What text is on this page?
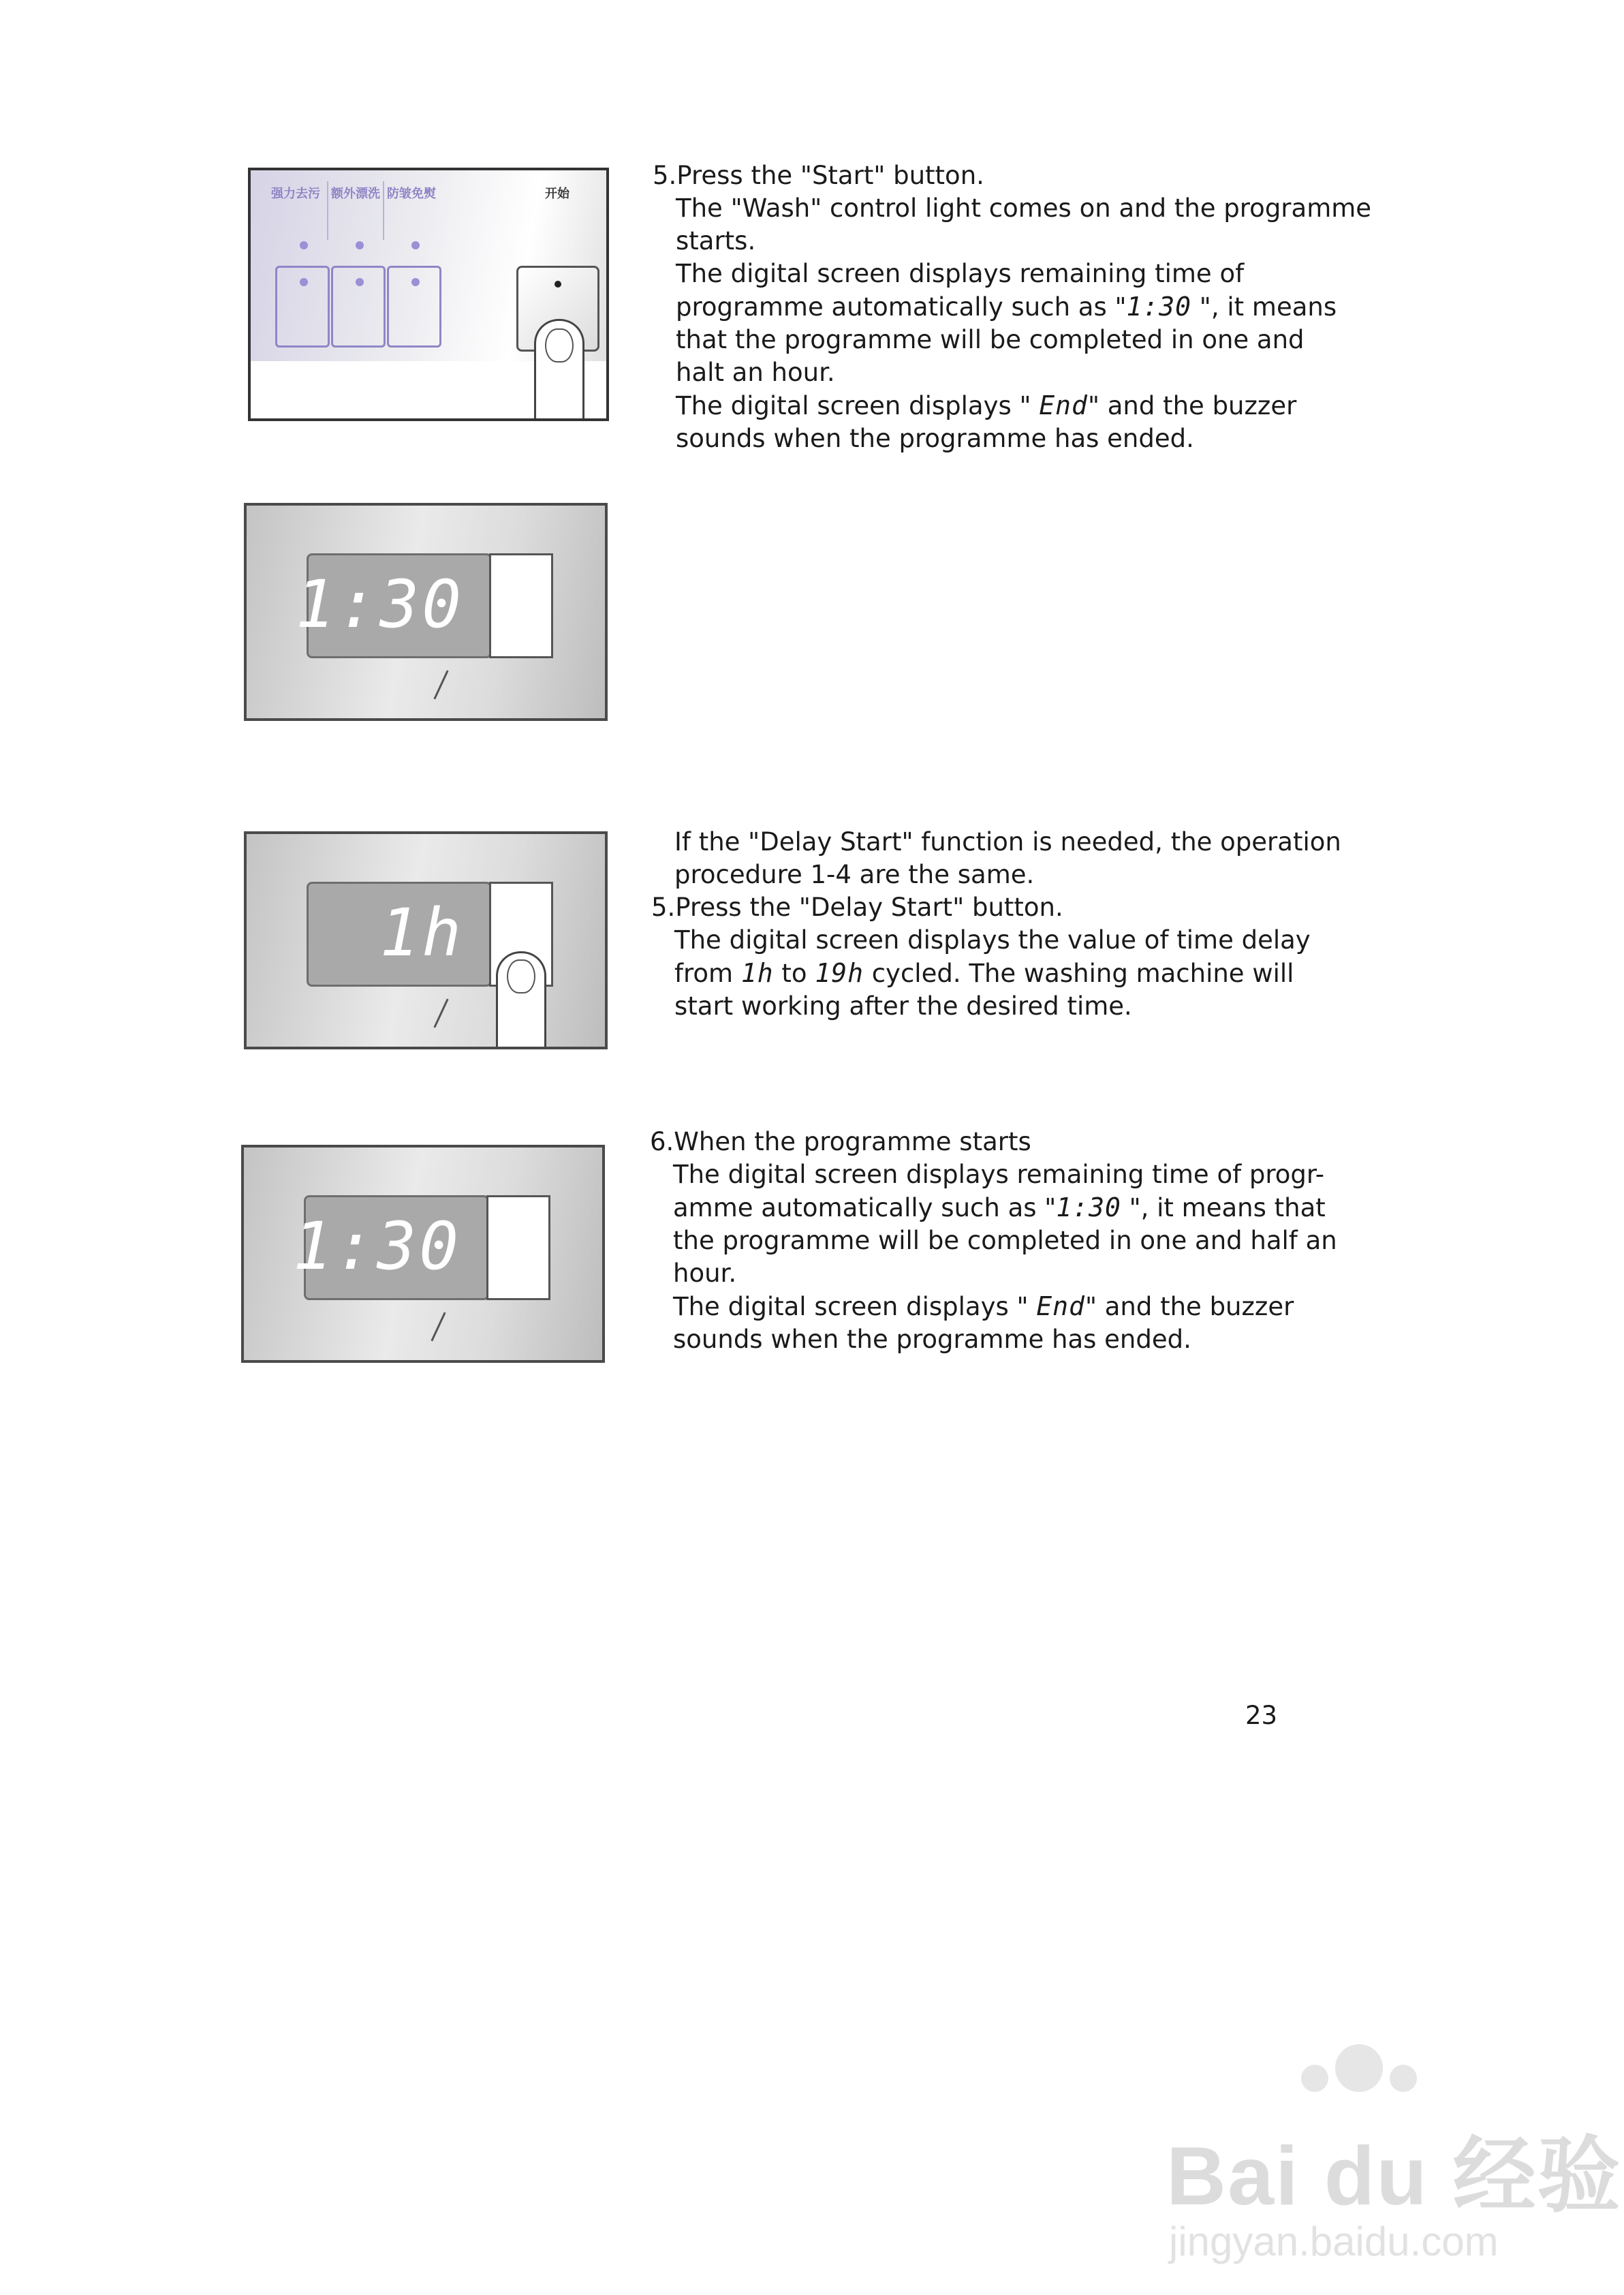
强力去污 额外漂洗 防皱免熨	开始
5.Press the "Start" button.
The "Wash" control light comes on and the programme
starts.
The digital screen displays remaining time of
programme automatically such as "1:30 ", it means
that the programme will be completed in one and
halt an hour.
The digital screen displays " End" and the buzzer
sounds when the programme has ended.
1:30
1h
If the "Delay Start" function is needed, the operation
procedure 1-4 are the same.
5.Press the "Delay Start" button.
The digital screen displays the value of time delay
from 1h to 19h cycled. The washing machine will
start working after the desired time.
1:30
6.When the programme starts
The digital screen displays remaining time of progr-
amme automatically such as "1:30 ", it means that
the programme will be completed in one and half an
hour.
The digital screen displays " End" and the buzzer
sounds when the programme has ended.
23
Bai du 经验
jingyan.baidu.com
